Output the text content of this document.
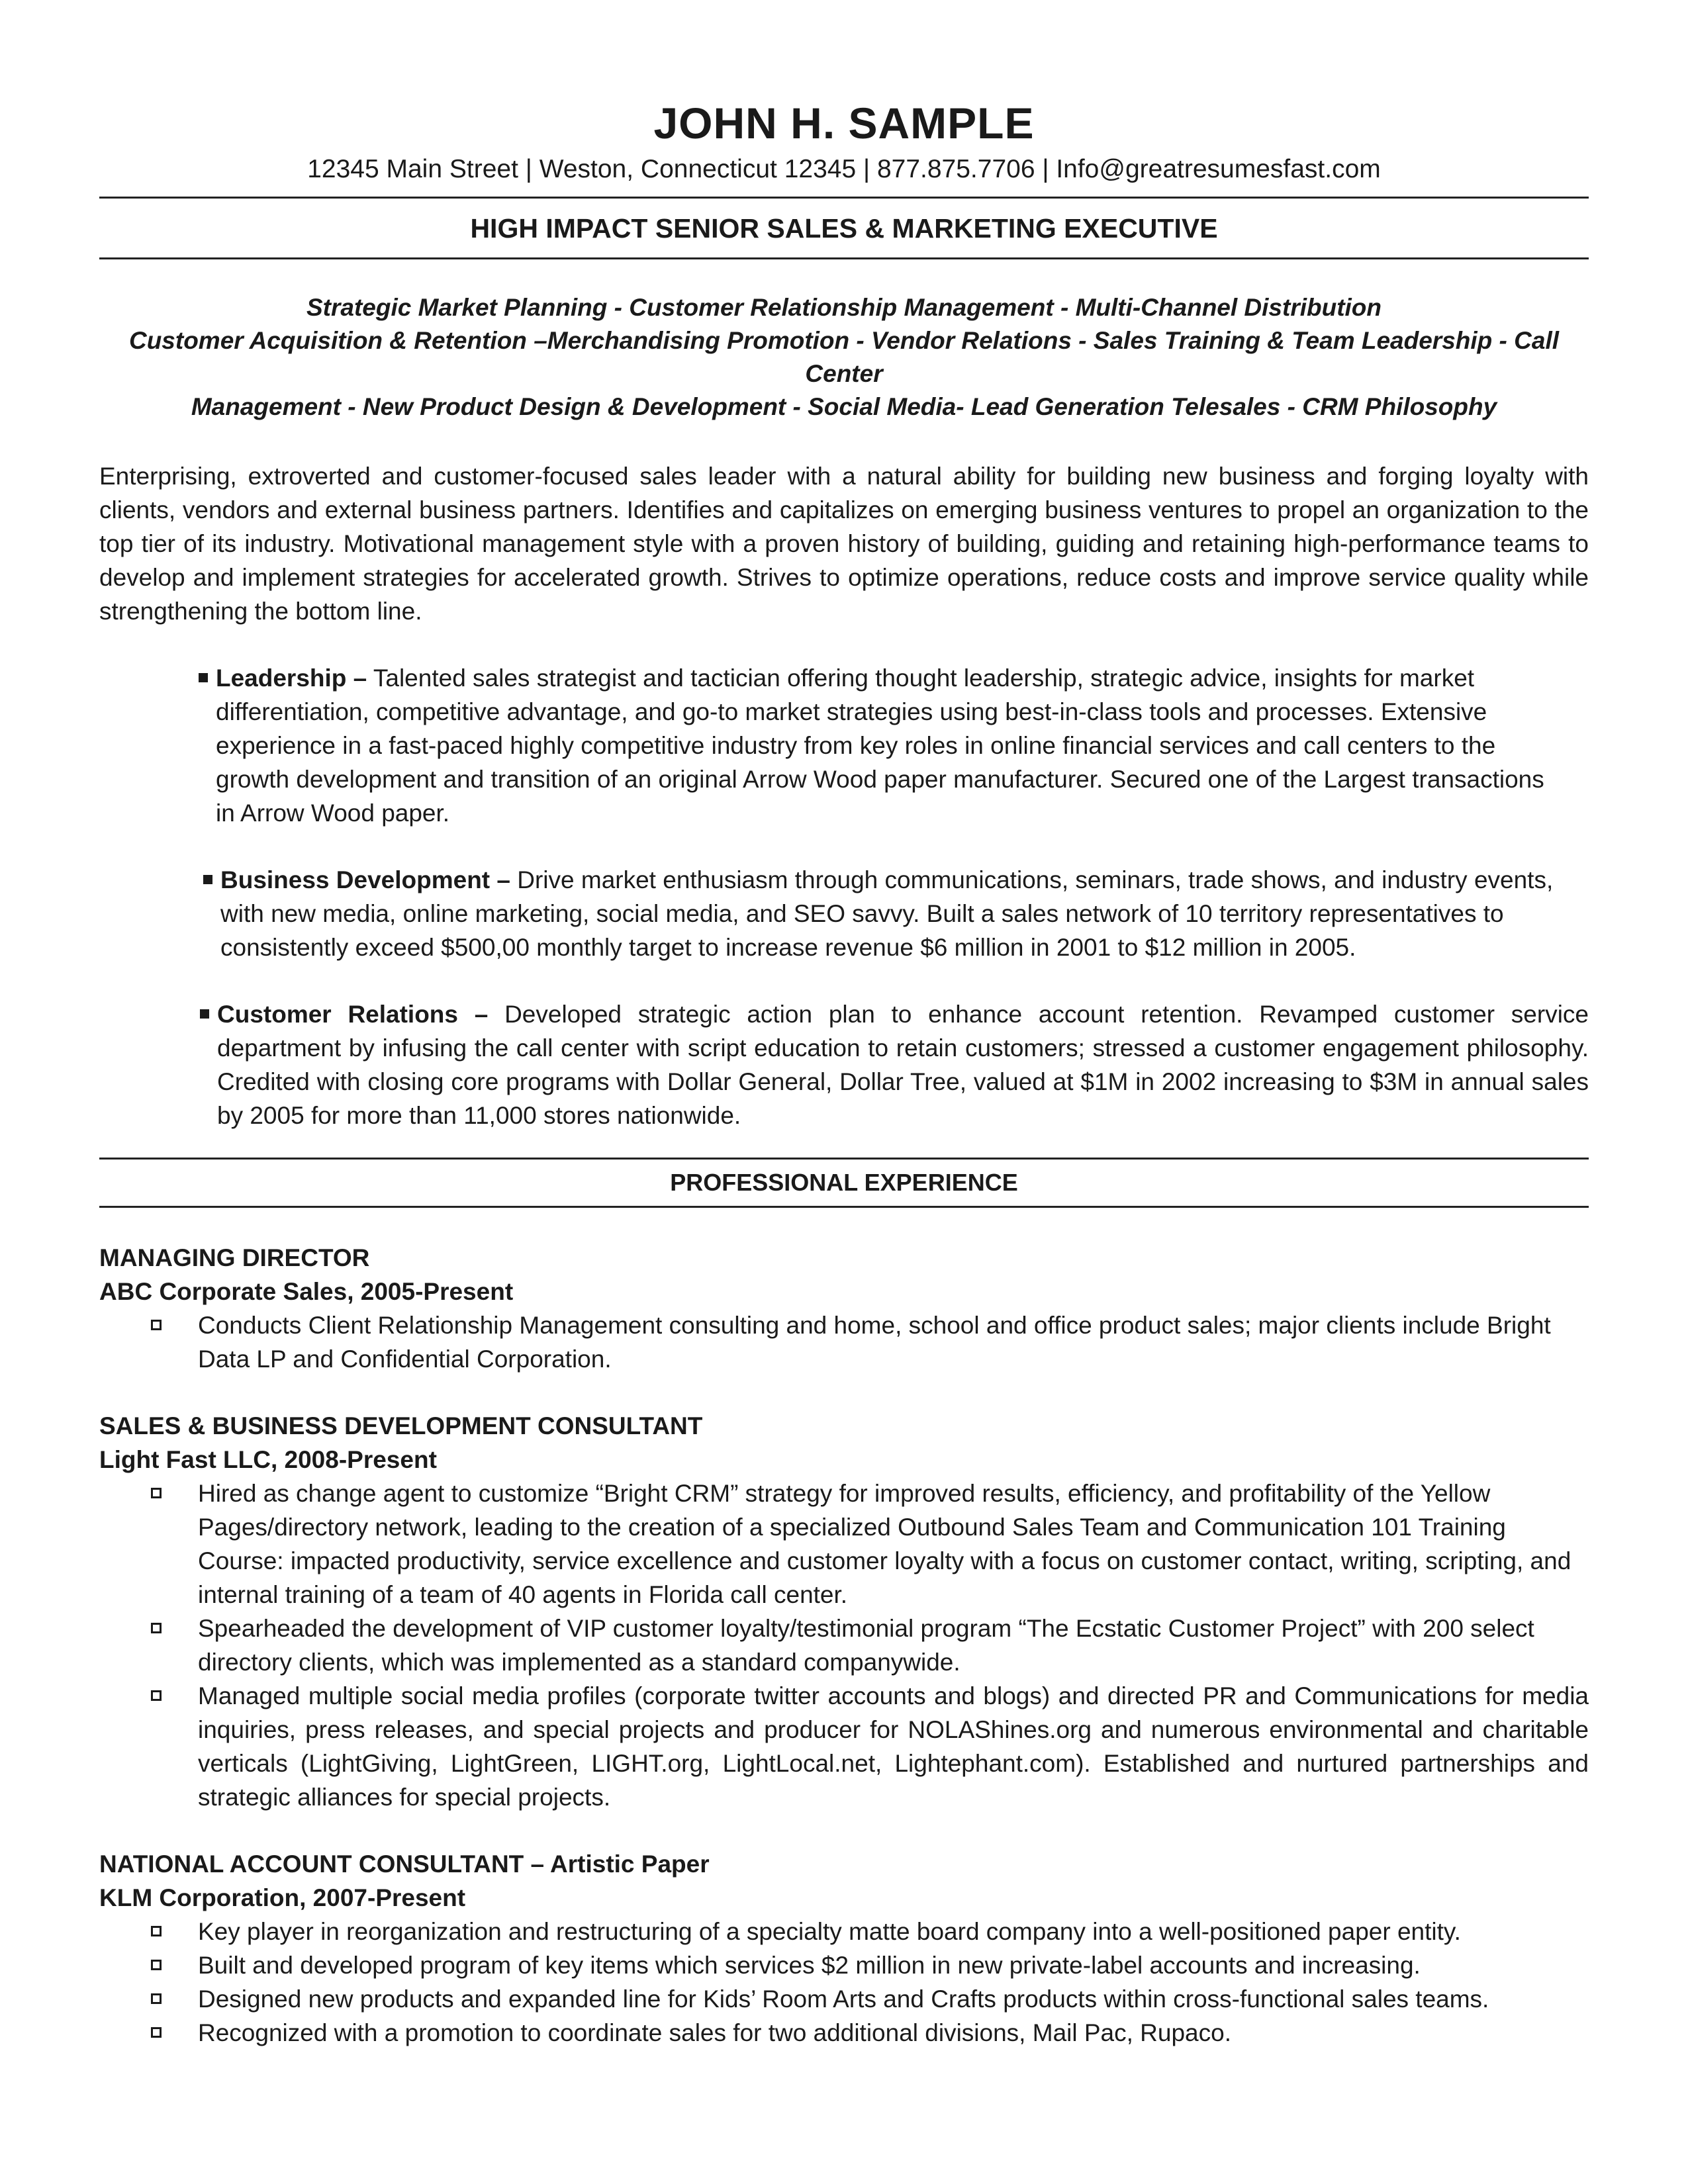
JOHN H. SAMPLE
12345 Main Street | Weston, Connecticut 12345 | 877.875.7706 | Info@greatresumesfast.com
HIGH IMPACT SENIOR SALES & MARKETING EXECUTIVE
Strategic Market Planning - Customer Relationship Management - Multi-Channel Distribution
Customer Acquisition & Retention –Merchandising Promotion - Vendor Relations - Sales Training & Team Leadership - Call Center
Management - New Product Design & Development - Social Media- Lead Generation Telesales - CRM Philosophy
Enterprising, extroverted and customer-focused sales leader with a natural ability for building new business and forging loyalty with clients, vendors and external business partners. Identifies and capitalizes on emerging business ventures to propel an organization to the top tier of its industry. Motivational management style with a proven history of building, guiding and retaining high-performance teams to develop and implement strategies for accelerated growth. Strives to optimize operations, reduce costs and improve service quality while strengthening the bottom line.
Leadership – Talented sales strategist and tactician offering thought leadership, strategic advice, insights for market differentiation, competitive advantage, and go-to market strategies using best-in-class tools and processes. Extensive experience in a fast-paced highly competitive industry from key roles in online financial services and call centers to the growth development and transition of an original Arrow Wood paper manufacturer. Secured one of the Largest transactions in Arrow Wood paper.
Business Development – Drive market enthusiasm through communications, seminars, trade shows, and industry events, with new media, online marketing, social media, and SEO savvy. Built a sales network of 10 territory representatives to consistently exceed $500,00 monthly target to increase revenue $6 million in 2001 to $12 million in 2005.
Customer Relations – Developed strategic action plan to enhance account retention. Revamped customer service department by infusing the call center with script education to retain customers; stressed a customer engagement philosophy. Credited with closing core programs with Dollar General, Dollar Tree, valued at $1M in 2002 increasing to $3M in annual sales by 2005 for more than 11,000 stores nationwide.
PROFESSIONAL EXPERIENCE
MANAGING DIRECTOR
ABC Corporate Sales, 2005-Present
Conducts Client Relationship Management consulting and home, school and office product sales; major clients include Bright Data LP and Confidential Corporation.
SALES & BUSINESS DEVELOPMENT CONSULTANT
Light Fast LLC, 2008-Present
Hired as change agent to customize “Bright CRM” strategy for improved results, efficiency, and profitability of the Yellow Pages/directory network, leading to the creation of a specialized Outbound Sales Team and Communication 101 Training Course: impacted productivity, service excellence and customer loyalty with a focus on customer contact, writing, scripting, and internal training of a team of 40 agents in Florida call center.
Spearheaded the development of VIP customer loyalty/testimonial program “The Ecstatic Customer Project” with 200 select directory clients, which was implemented as a standard companywide.
Managed multiple social media profiles (corporate twitter accounts and blogs) and directed PR and Communications for media inquiries, press releases, and special projects and producer for NOLAShines.org and numerous environmental and charitable verticals (LightGiving, LightGreen, LIGHT.org, LightLocal.net, Lightephant.com). Established and nurtured partnerships and strategic alliances for special projects.
NATIONAL ACCOUNT CONSULTANT – Artistic Paper
KLM Corporation, 2007-Present
Key player in reorganization and restructuring of a specialty matte board company into a well-positioned paper entity.
Built and developed program of key items which services $2 million in new private-label accounts and increasing.
Designed new products and expanded line for Kids’ Room Arts and Crafts products within cross-functional sales teams.
Recognized with a promotion to coordinate sales for two additional divisions, Mail Pac, Rupaco.
